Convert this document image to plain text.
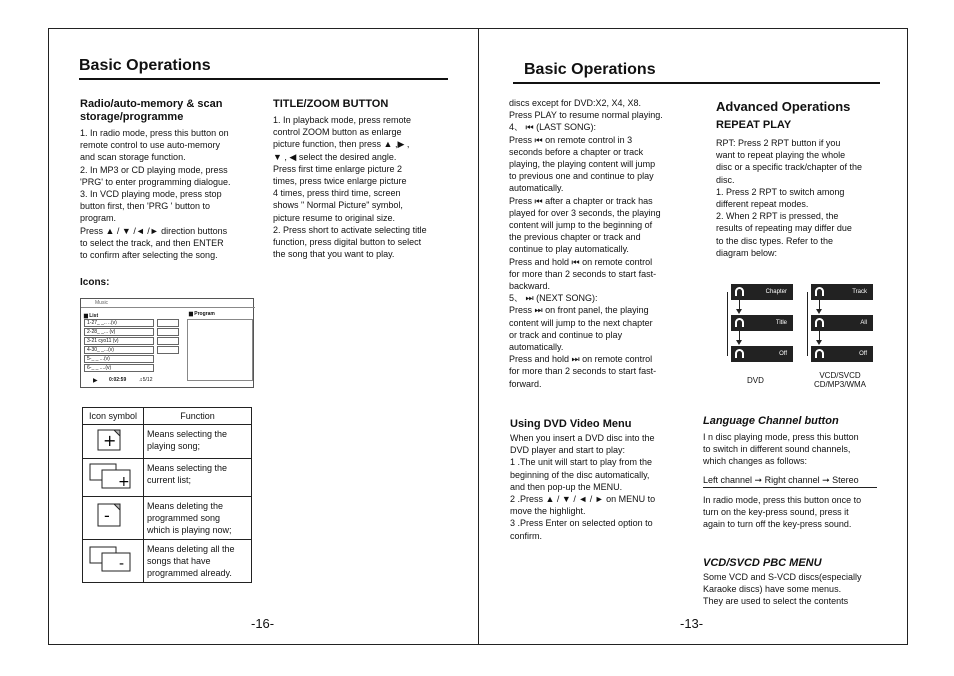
Basic Operations
Radio/auto-memory & scan
storage/programme
1. In radio mode, press this button on
remote control to use auto-memory
and scan storage function.
2. In MP3 or CD playing mode, press
'PRG' to enter programming dialogue.
3. In VCD playing mode, press stop
button first, then 'PRG ' button to
program.
Press ▲ / ▼ /◄ /► direction buttons
to select the track, and then ENTER
to confirm after selecting the song.
TITLE/ZOOM BUTTON
1. In playback mode, press remote
control ZOOM button as enlarge
picture function, then press ▲ ,▶ ,
▼ , ◀ select the desired angle.
Press first time enlarge picture 2
times, press twice enlarge picture
4 times, press third time, screen
shows " Normal Picture" symbol,
picture resume to original size.
2. Press short to activate selecting title
function, press digital button to select
the song that you want to play.
Icons:
Music
▆ List	▆ Program
1-27_ _.. ..(v)
2-28_ _... (v)
3-21 cyo11 (v)
4-30_ _...(v)
5-_ _ ...(v)
6-_ _ ....(v)
▶ 0:02:59	♫5/12
Icon symbol	Function

+	Means selecting the
playing song;

+	Means selecting the
current list;

-	Means deleting the
programmed song
which is playing now;

-	Means deleting all the
songs that have
programmed already.
-16-
Basic Operations
discs except for DVD:X2, X4, X8.
Press PLAY to resume normal playing.
4、 ⏮ (LAST SONG):
Press ⏮ on remote control in 3
seconds before a chapter or track
playing, the playing content will jump
to previous one and continue to play
automatically.
Press ⏮ after a chapter or track has
played for over 3 seconds, the playing
content will jump to the beginning of
the previous chapter or track and
continue to play automatically.
Press and hold ⏮ on remote control
for more than 2 seconds to start fast-
backward.
5、 ⏭ (NEXT SONG):
Press ⏭ on front panel, the playing
content will jump to the next chapter
or track and continue to play
automatically.
Press and hold ⏭ on remote control
for more than 2 seconds to start fast-
forward.
Advanced Operations
REPEAT PLAY
RPT: Press 2 RPT button if you
want to repeat playing the whole
disc or a specific track/chapter of the
disc.
1. Press 2 RPT to switch among
different repeat modes.
2. When 2 RPT is pressed, the
results of repeating may differ due
to the disc types. Refer to the
diagram below:
Chapter
Title
Off
Track
All
Off
DVD
VCD/SVCD
CD/MP3/WMA
Using DVD Video Menu
When you insert a DVD disc into the
DVD player and start to play:
1 .The unit will start to play from the
beginning of the disc automatically,
and then pop-up the MENU.
2 .Press ▲ / ▼ / ◄ / ► on MENU to
move the highlight.
3 .Press Enter on selected option to
confirm.
Language Channel button
I n disc playing mode, press this button
to switch in different sound channels,
which changes as follows:
Left channel ➞ Right channel ➞ Stereo
In radio mode, press this button once to
turn on the key-press sound, press it
again to turn off the key-press sound.
VCD/SVCD PBC MENU
Some VCD and S-VCD discs(especially
Karaoke discs) have some menus.
They are used to select the contents
-13-
